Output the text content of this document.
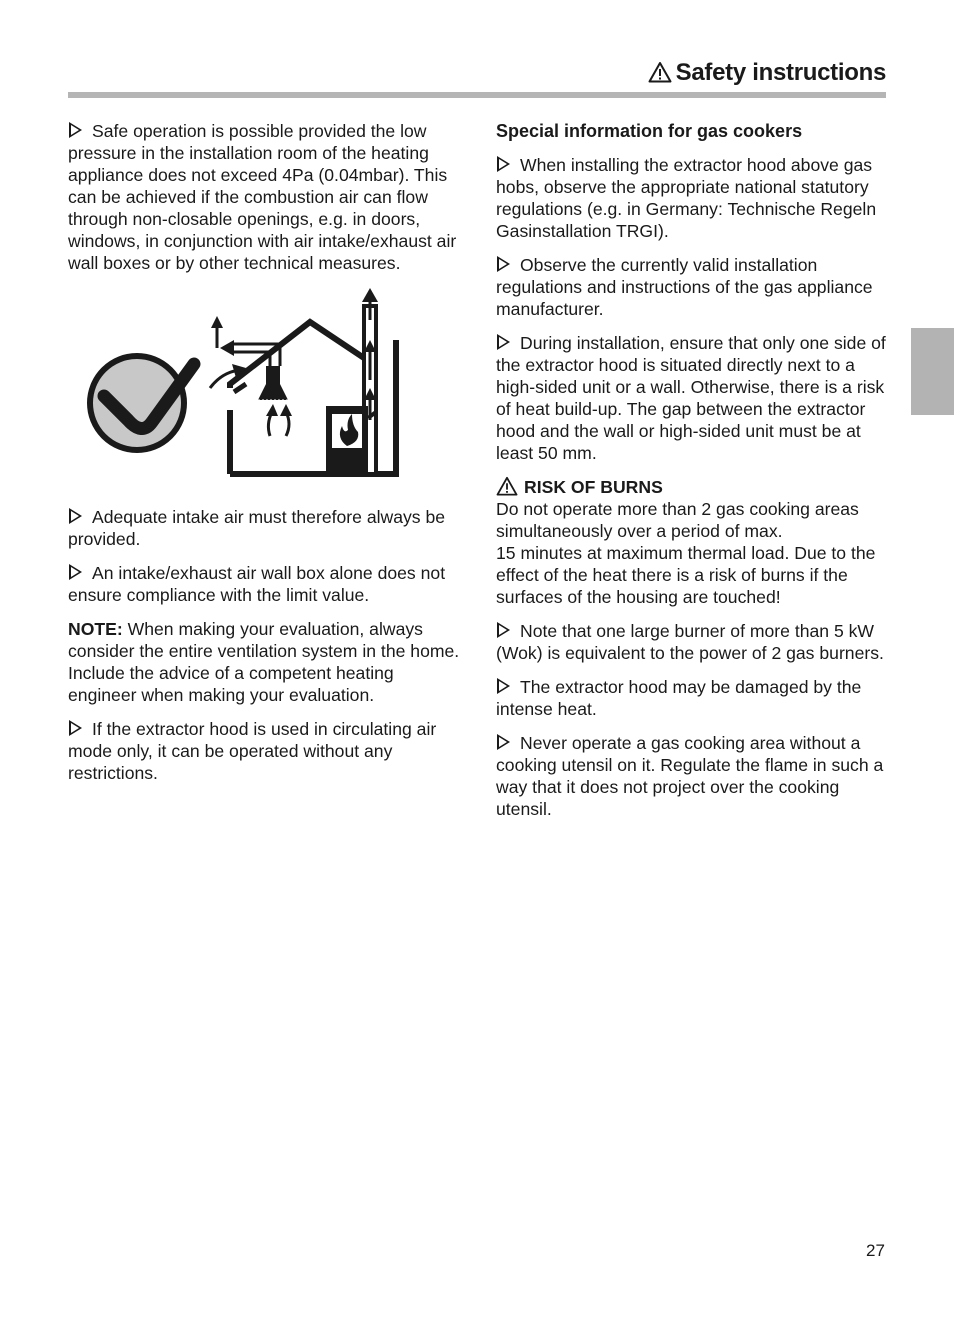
Safety instructions

Safe operation is possible provided the low pressure in the installation room of the heating appliance does not exceed 4Pa (0.04mbar). This can be achieved if the combustion air can flow through non-closable openings, e.g. in doors, windows, in conjunction with air intake/exhaust air wall boxes or by other technical measures.

Adequate intake air must therefore always be provided.

An intake/exhaust air wall box alone does not ensure compliance with the limit value.

NOTE: When making your evaluation, always consider the entire ventilation system in the home. Include the advice of a competent heating engineer when making your evaluation.

If the extractor hood is used in circulating air mode only, it can be operated without any restrictions.

Special information for gas cookers

When installing the extractor hood above gas hobs, observe the appropriate national statutory regulations (e.g. in Germany: Technische Regeln Gasinstallation TRGI).

Observe the currently valid installation regulations and instructions of the gas appliance manufacturer.

During installation, ensure that only one side of the extractor hood is situated directly next to a high-sided unit or a wall. Otherwise, there is a risk of heat build-up. The gap between the extractor hood and the wall or high-sided unit must be at least 50 mm.

RISK OF BURNS

Do not operate more than 2 gas cooking areas simultaneously over a period of max.

15 minutes at maximum thermal load. Due to the effect of the heat there is a risk of burns if the surfaces of the housing are touched!

Note that one large burner of more than 5 kW (Wok) is equivalent to the power of 2 gas burners.

The extractor hood may be damaged by the intense heat.

Never operate a gas cooking area without a cooking utensil on it. Regulate the flame in such a way that it does not project over the cooking utensil.

27
